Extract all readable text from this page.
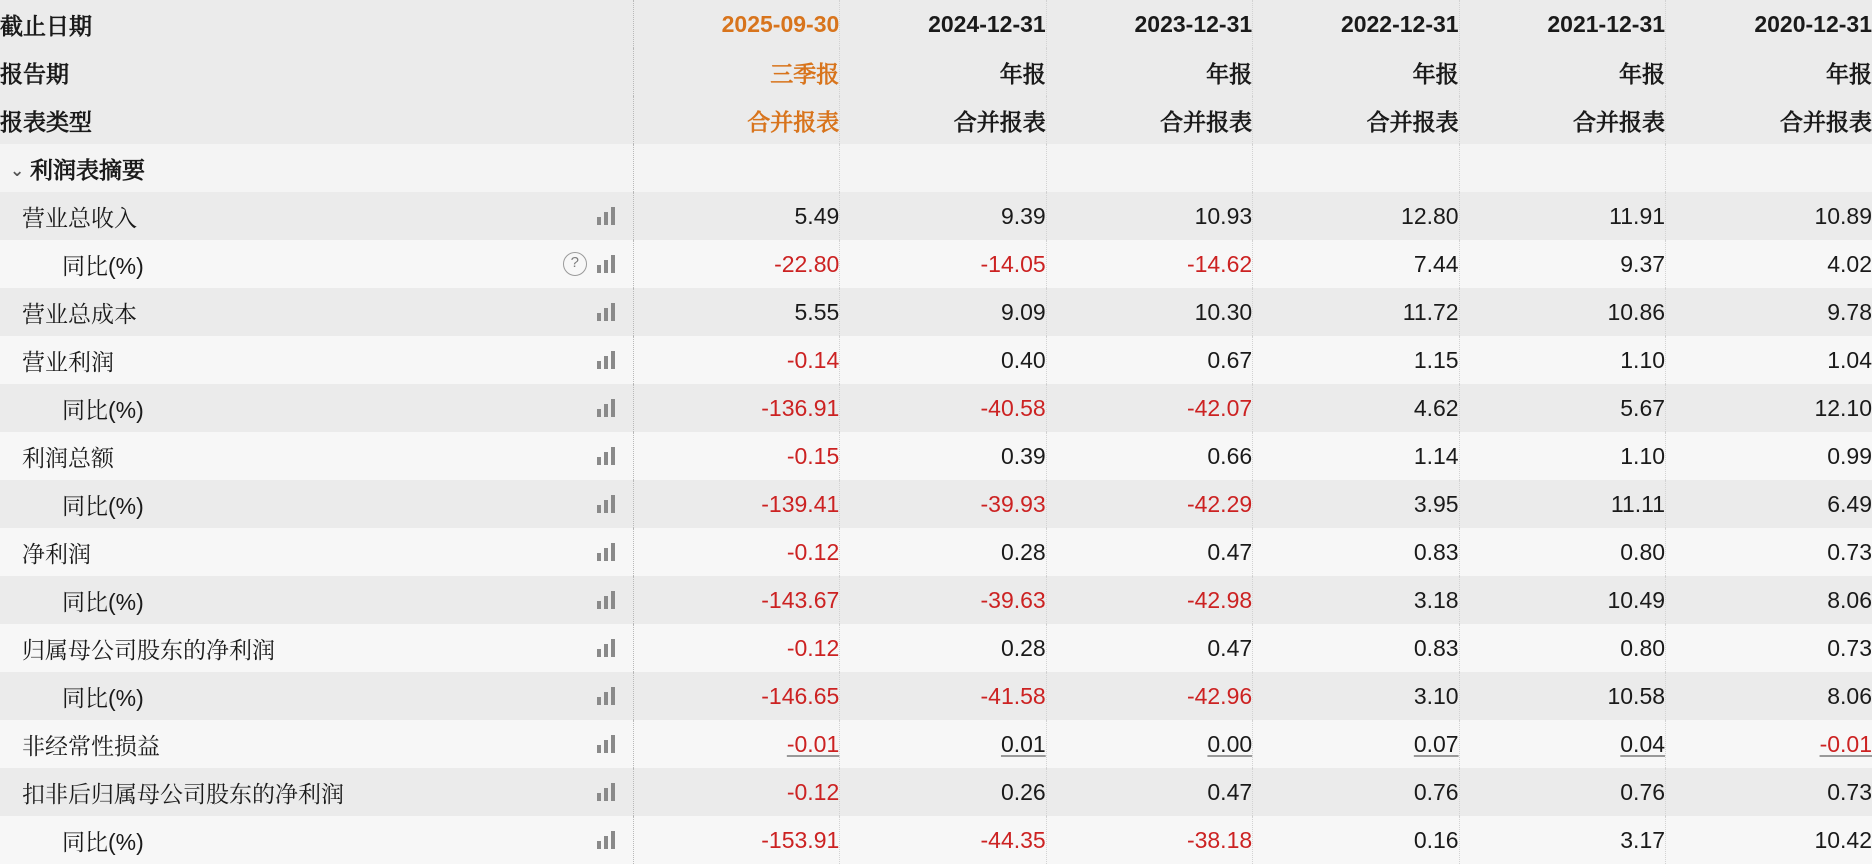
截止日期	2025-09-30	2024-12-31	2023-12-31	2022-12-31	2021-12-31	2020-12-31
报告期	三季报	年报	年报	年报	年报	年报
报表类型	合并报表	合并报表	合并报表	合并报表	合并报表	合并报表
⌄ 利润表摘要						

营业总收入	5.49	9.39	10.93	12.80	11.91	10.89

同比(%) ?	-22.80	-14.05	-14.62	7.44	9.37	4.02

营业总成本	5.55	9.09	10.30	11.72	10.86	9.78

营业利润	-0.14	0.40	0.67	1.15	1.10	1.04

同比(%)	-136.91	-40.58	-42.07	4.62	5.67	12.10

利润总额	-0.15	0.39	0.66	1.14	1.10	0.99

同比(%)	-139.41	-39.93	-42.29	3.95	11.11	6.49

净利润	-0.12	0.28	0.47	0.83	0.80	0.73

同比(%)	-143.67	-39.63	-42.98	3.18	10.49	8.06

归属母公司股东的净利润	-0.12	0.28	0.47	0.83	0.80	0.73

同比(%)	-146.65	-41.58	-42.96	3.10	10.58	8.06

非经常性损益	-0.01	0.01	0.00	0.07	0.04	-0.01

扣非后归属母公司股东的净利润	-0.12	0.26	0.47	0.76	0.76	0.73

同比(%)	-153.91	-44.35	-38.18	0.16	3.17	10.42
